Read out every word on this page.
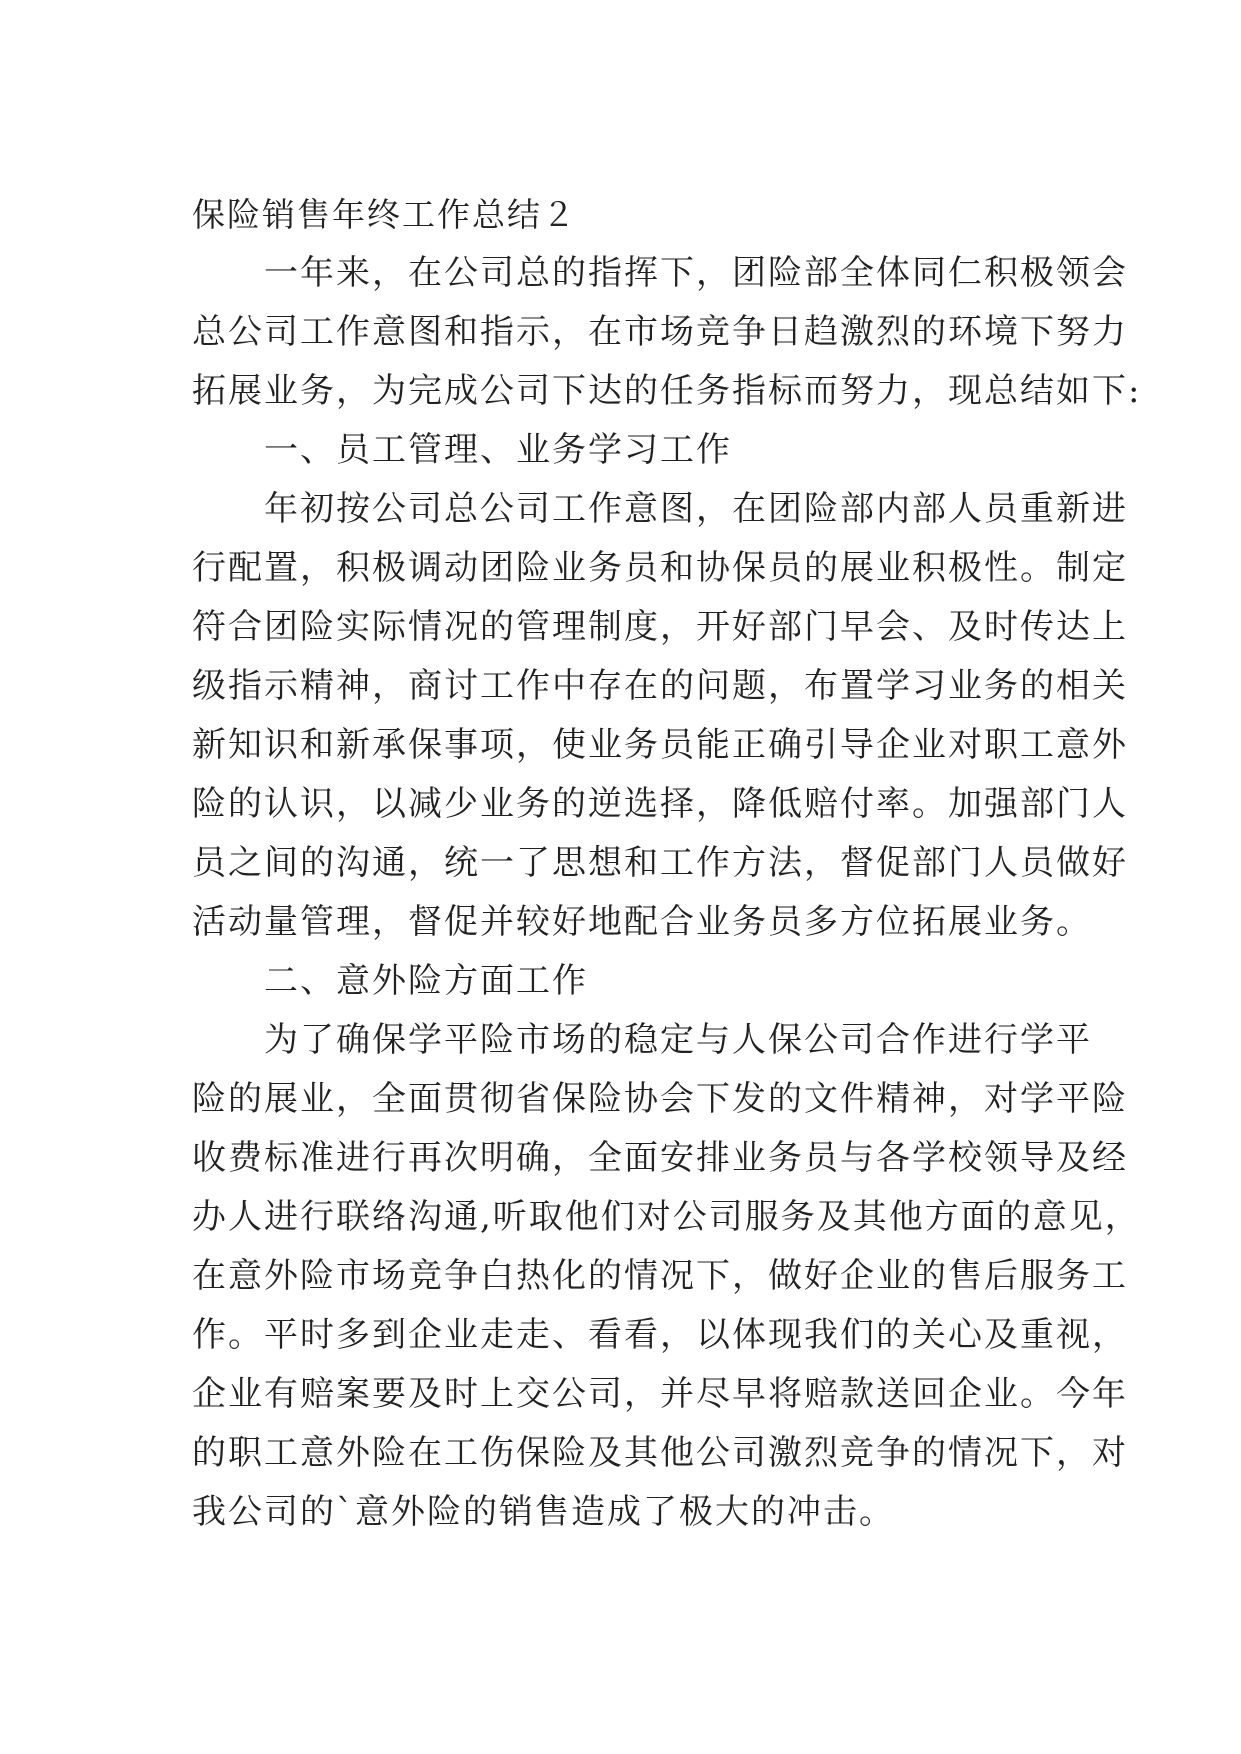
保险销售年终工作总结２
　　一年来，在公司总的指挥下，团险部全体同仁积极领会
总公司工作意图和指示，在市场竞争日趋激烈的环境下努力
拓展业务，为完成公司下达的任务指标而努力，现总结如下:
　　一、员工管理、业务学习工作
　　年初按公司总公司工作意图，在团险部内部人员重新进
行配置，积极调动团险业务员和协保员的展业积极性。制定
符合团险实际情况的管理制度，开好部门早会、及时传达上
级指示精神，商讨工作中存在的问题，布置学习业务的相关
新知识和新承保事项，使业务员能正确引导企业对职工意外
险的认识，以减少业务的逆选择，降低赔付率。加强部门人
员之间的沟通，统一了思想和工作方法，督促部门人员做好
活动量管理，督促并较好地配合业务员多方位拓展业务。
　　二、意外险方面工作
　　为了确保学平险市场的稳定与人保公司合作进行学平
险的展业，全面贯彻省保险协会下发的文件精神，对学平险
收费标准进行再次明确，全面安排业务员与各学校领导及经
办人进行联络沟通,听取他们对公司服务及其他方面的意见，
在意外险市场竞争白热化的情况下，做好企业的售后服务工
作。平时多到企业走走、看看，以体现我们的关心及重视，
企业有赔案要及时上交公司，并尽早将赔款送回企业。今年
的职工意外险在工伤保险及其他公司激烈竞争的情况下，对
我公司的`意外险的销售造成了极大的冲击。
